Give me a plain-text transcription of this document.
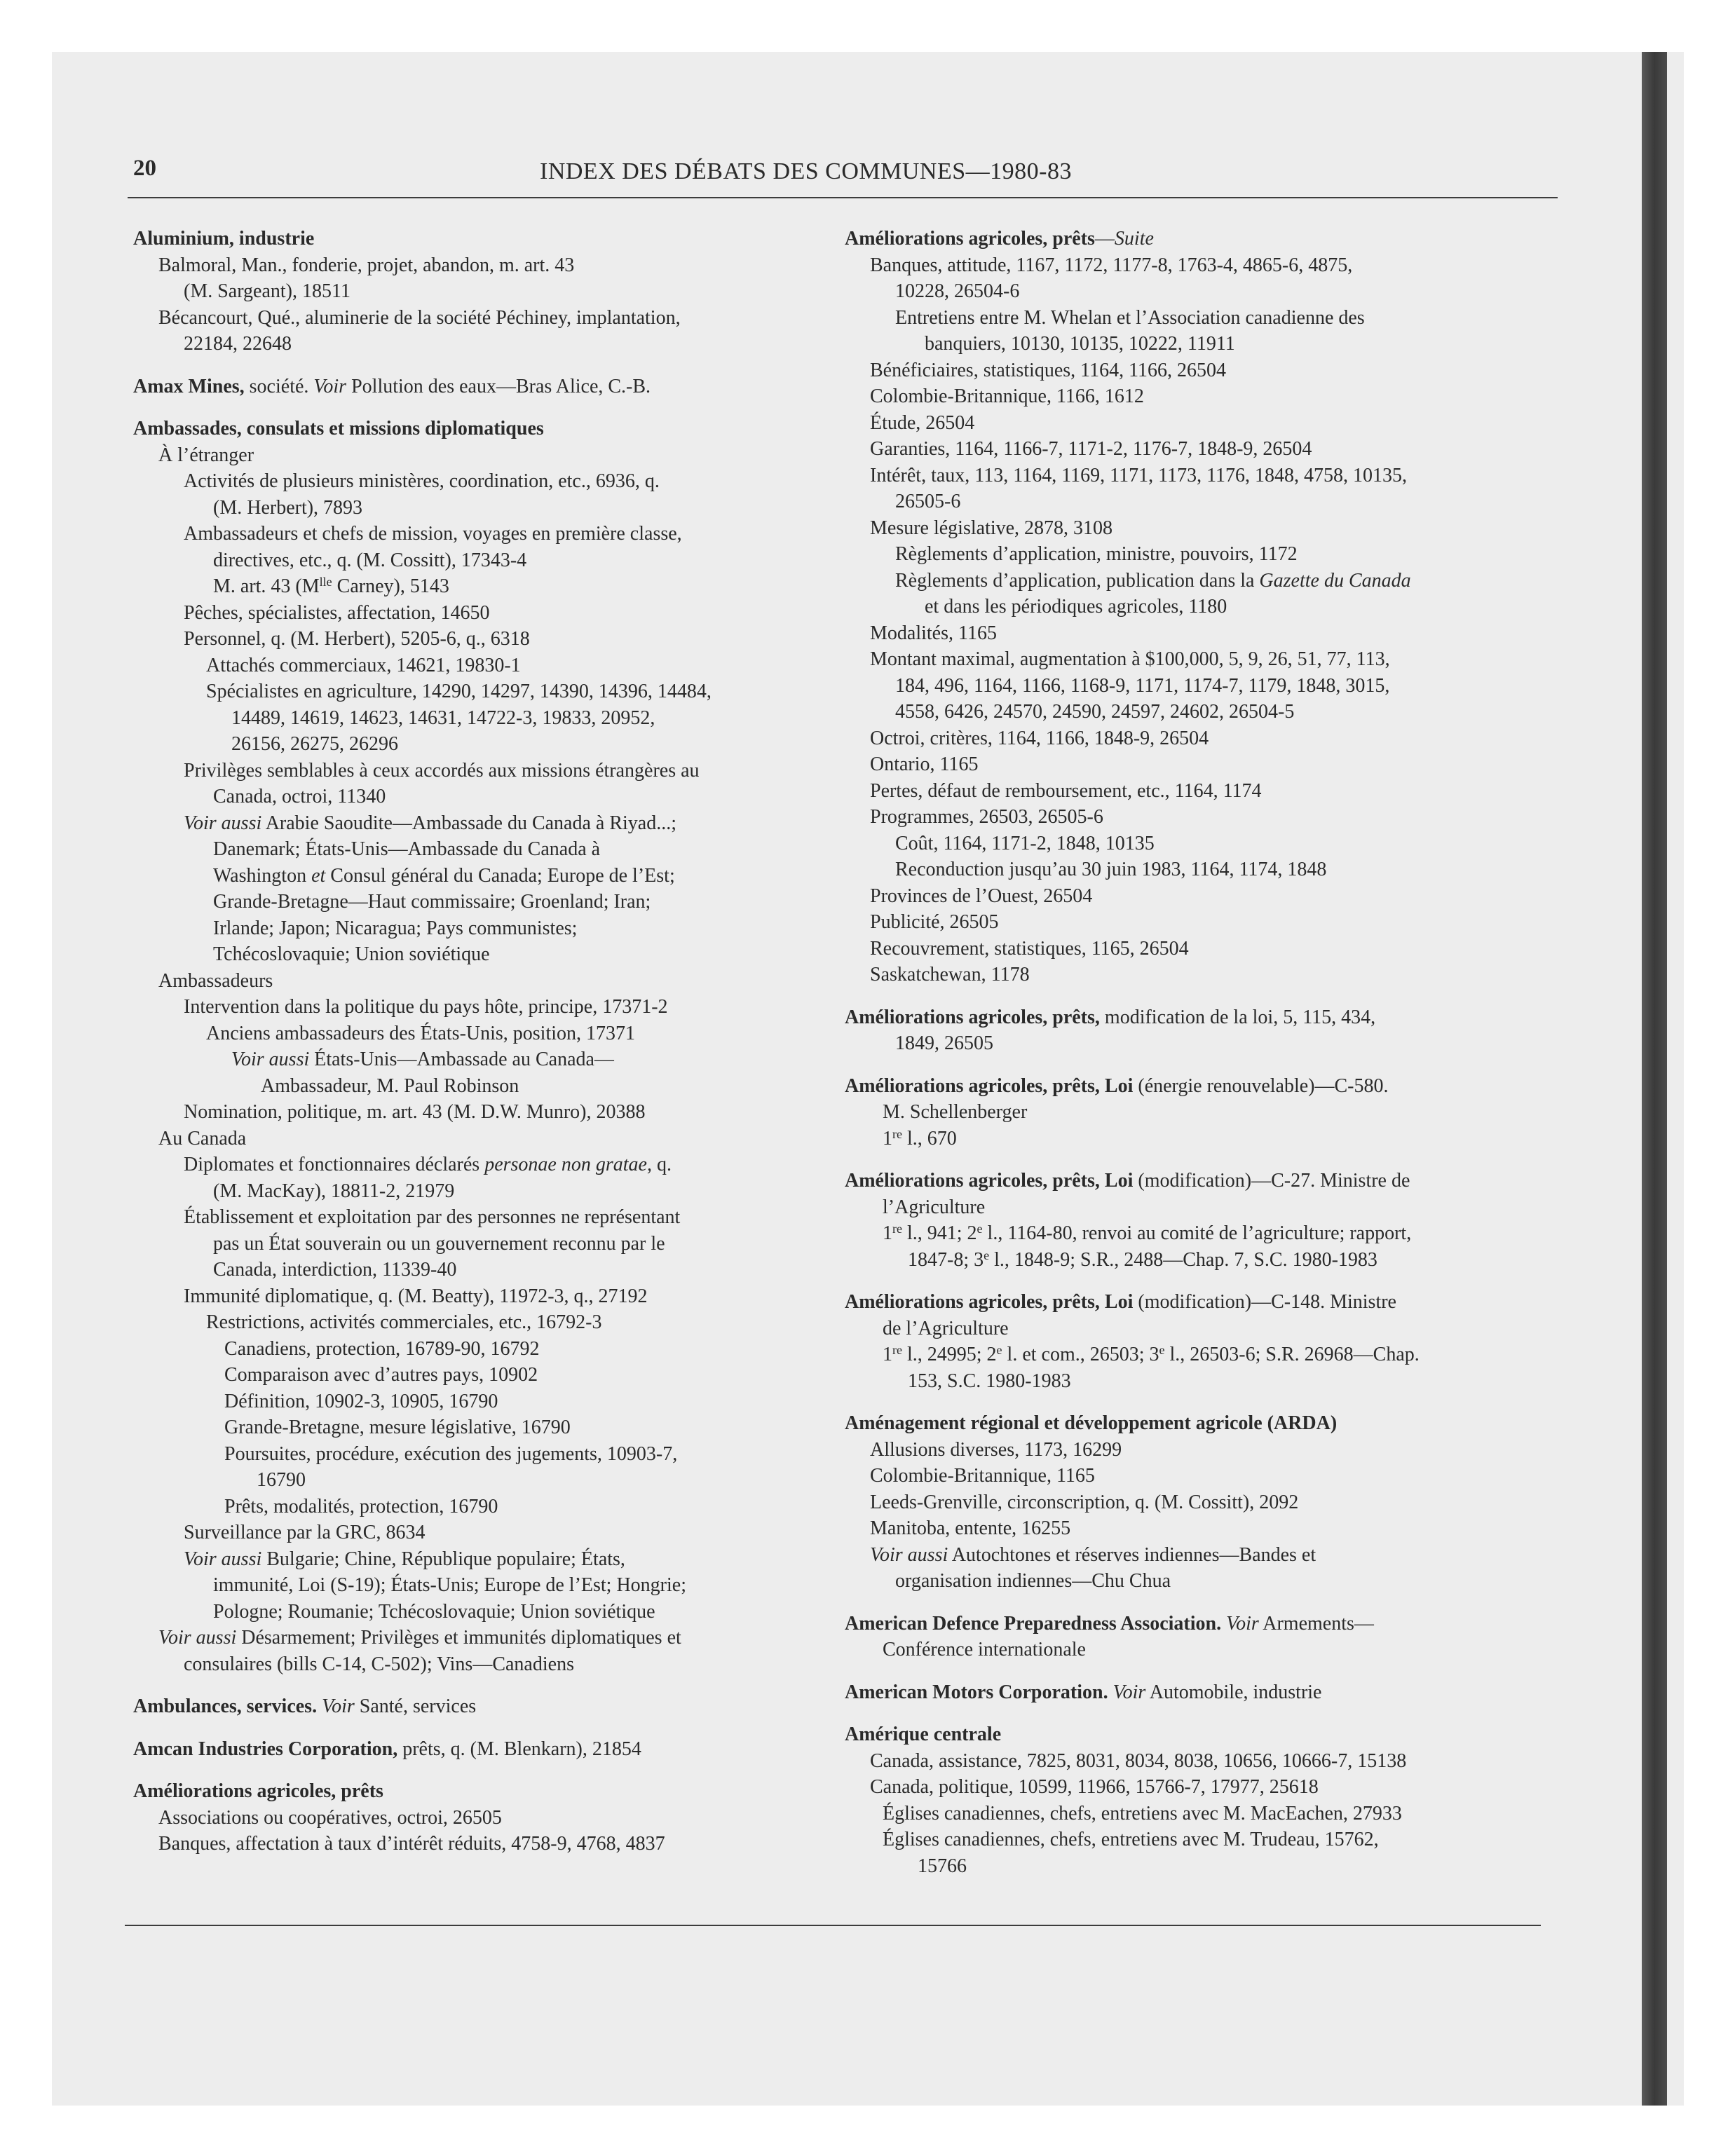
20	INDEX DES DÉBATS DES COMMUNES—1980-83
Aluminium, industrie
Balmoral, Man., fonderie, projet, abandon, m. art. 43
(M. Sargeant), 18511
Bécancourt, Qué., aluminerie de la société Péchiney, implantation,
22184, 22648
Amax Mines, société. Voir Pollution des eaux—Bras Alice, C.-B.
Ambassades, consulats et missions diplomatiques
À l’étranger
Activités de plusieurs ministères, coordination, etc., 6936, q.
(M. Herbert), 7893
Ambassadeurs et chefs de mission, voyages en première classe,
directives, etc., q. (M. Cossitt), 17343-4
M. art. 43 ($M^{lle}$ Carney), 5143
Pêches, spécialistes, affectation, 14650
Personnel, q. (M. Herbert), 5205-6, q., 6318
Attachés commerciaux, 14621, 19830-1
Spécialistes en agriculture, 14290, 14297, 14390, 14396, 14484,
14489, 14619, 14623, 14631, 14722-3, 19833, 20952,
26156, 26275, 26296
Privilèges semblables à ceux accordés aux missions étrangères au
Canada, octroi, 11340
Voir aussi Arabie Saoudite—Ambassade du Canada à Riyad...;
Danemark; États-Unis—Ambassade du Canada à
Washington et Consul général du Canada; Europe de l’Est;
Grande-Bretagne—Haut commissaire; Groenland; Iran;
Irlande; Japon; Nicaragua; Pays communistes;
Tchécoslovaquie; Union soviétique
Ambassadeurs
Intervention dans la politique du pays hôte, principe, 17371-2
Anciens ambassadeurs des États-Unis, position, 17371
Voir aussi États-Unis—Ambassade au Canada—
Ambassadeur, M. Paul Robinson
Nomination, politique, m. art. 43 (M. D.W. Munro), 20388
Au Canada
Diplomates et fonctionnaires déclarés personae non gratae, q.
(M. MacKay), 18811-2, 21979
Établissement et exploitation par des personnes ne représentant
pas un État souverain ou un gouvernement reconnu par le
Canada, interdiction, 11339-40
Immunité diplomatique, q. (M. Beatty), 11972-3, q., 27192
Restrictions, activités commerciales, etc., 16792-3
Canadiens, protection, 16789-90, 16792
Comparaison avec d’autres pays, 10902
Définition, 10902-3, 10905, 16790
Grande-Bretagne, mesure législative, 16790
Poursuites, procédure, exécution des jugements, 10903-7,
16790
Prêts, modalités, protection, 16790
Surveillance par la GRC, 8634
Voir aussi Bulgarie; Chine, République populaire; États,
immunité, Loi (S-19); États-Unis; Europe de l’Est; Hongrie;
Pologne; Roumanie; Tchécoslovaquie; Union soviétique
Voir aussi Désarmement; Privilèges et immunités diplomatiques et
consulaires (bills C-14, C-502); Vins—Canadiens
Ambulances, services. Voir Santé, services
Amcan Industries Corporation, prêts, q. (M. Blenkarn), 21854
Améliorations agricoles, prêts
Associations ou coopératives, octroi, 26505
Banques, affectation à taux d’intérêt réduits, 4758-9, 4768, 4837
Améliorations agricoles, prêts—Suite
Banques, attitude, 1167, 1172, 1177-8, 1763-4, 4865-6, 4875,
10228, 26504-6
Entretiens entre M. Whelan et l’Association canadienne des
banquiers, 10130, 10135, 10222, 11911
Bénéficiaires, statistiques, 1164, 1166, 26504
Colombie-Britannique, 1166, 1612
Étude, 26504
Garanties, 1164, 1166-7, 1171-2, 1176-7, 1848-9, 26504
Intérêt, taux, 113, 1164, 1169, 1171, 1173, 1176, 1848, 4758, 10135,
26505-6
Mesure législative, 2878, 3108
Règlements d’application, ministre, pouvoirs, 1172
Règlements d’application, publication dans la Gazette du Canada
et dans les périodiques agricoles, 1180
Modalités, 1165
Montant maximal, augmentation à $100,000, 5, 9, 26, 51, 77, 113,
184, 496, 1164, 1166, 1168-9, 1171, 1174-7, 1179, 1848, 3015,
4558, 6426, 24570, 24590, 24597, 24602, 26504-5
Octroi, critères, 1164, 1166, 1848-9, 26504
Ontario, 1165
Pertes, défaut de remboursement, etc., 1164, 1174
Programmes, 26503, 26505-6
Coût, 1164, 1171-2, 1848, 10135
Reconduction jusqu’au 30 juin 1983, 1164, 1174, 1848
Provinces de l’Ouest, 26504
Publicité, 26505
Recouvrement, statistiques, 1165, 26504
Saskatchewan, 1178
Améliorations agricoles, prêts, modification de la loi, 5, 115, 434,
1849, 26505
Améliorations agricoles, prêts, Loi (énergie renouvelable)—C-580.
M. Schellenberger
1re l., 670
Améliorations agricoles, prêts, Loi (modification)—C-27. Ministre de
l’Agriculture
1re l., 941; 2e l., 1164-80, renvoi au comité de l’agriculture; rapport,
1847-8; 3e l., 1848-9; S.R., 2488—Chap. 7, S.C. 1980-1983
Améliorations agricoles, prêts, Loi (modification)—C-148. Ministre
de l’Agriculture
1re l., 24995; 2e l. et com., 26503; 3e l., 26503-6; S.R. 26968—Chap.
153, S.C. 1980-1983
Aménagement régional et développement agricole (ARDA)
Allusions diverses, 1173, 16299
Colombie-Britannique, 1165
Leeds-Grenville, circonscription, q. (M. Cossitt), 2092
Manitoba, entente, 16255
Voir aussi Autochtones et réserves indiennes—Bandes et
organisation indiennes—Chu Chua
American Defence Preparedness Association. Voir Armements—
Conférence internationale
American Motors Corporation. Voir Automobile, industrie
Amérique centrale
Canada, assistance, 7825, 8031, 8034, 8038, 10656, 10666-7, 15138
Canada, politique, 10599, 11966, 15766-7, 17977, 25618
Églises canadiennes, chefs, entretiens avec M. MacEachen, 27933
Églises canadiennes, chefs, entretiens avec M. Trudeau, 15762,
15766
